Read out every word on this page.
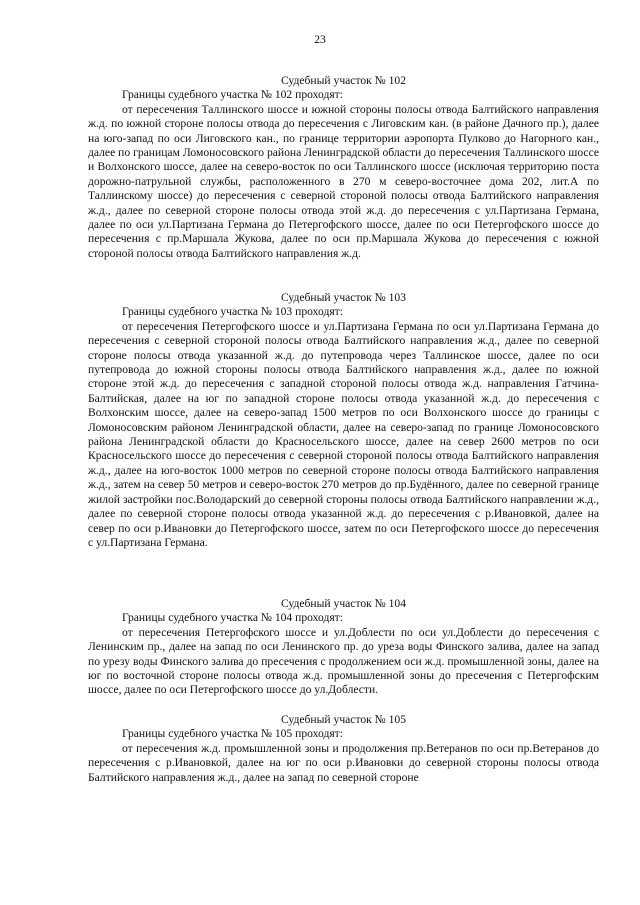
23

Судебный участок № 102

Границы судебного участка № 102 проходят:

от пересечения Таллинского шоссе и южной стороны полосы отвода Балтийского направления ж.д. по южной стороне полосы отвода до пересечения с Лиговским кан. (в районе Дачного пр.), далее на юго-запад по оси Лиговского кан., по границе территории аэропорта Пулково до Нагорного кан., далее по границам Ломоносовского района Ленинградской области до пересечения Таллинского шоссе и Волхонского шоссе, далее на северо-восток по оси Таллинского шоссе (исключая территорию поста дорожно-патрульной службы, расположенного в 270 м северо-восточнее дома 202, лит.А по Таллинскому шоссе) до пересечения с северной стороной полосы отвода Балтийского направления ж.д., далее по северной стороне полосы отвода этой ж.д. до пересечения с ул.Партизана Германа, далее по оси ул.Партизана Германа до Петергофского шоссе, далее по оси Петергофского шоссе до пересечения с пр.Маршала Жукова, далее по оси пр.Маршала Жукова до пересечения с южной стороной полосы отвода Балтийского направления ж.д.

Судебный участок № 103

Границы судебного участка № 103 проходят:

от пересечения Петергофского шоссе и ул.Партизана Германа по оси ул.Партизана Германа до пересечения с северной стороной полосы отвода Балтийского направления ж.д., далее по северной стороне полосы отвода указанной ж.д. до путепровода через Таллинское шоссе, далее по оси путепровода до южной стороны полосы отвода Балтийского направления ж.д., далее по южной стороне этой ж.д. до пересечения с западной стороной полосы отвода ж.д. направления Гатчина-Балтийская, далее на юг по западной стороне полосы отвода указанной ж.д. до пересечения с Волхонским шоссе, далее на северо-запад 1500 метров по оси Волхонского шоссе до границы с Ломоносовским районом Ленинградской области, далее на северо-запад по границе Ломоносовского района Ленинградской области до Красносельского шоссе, далее на север 2600 метров по оси Красносельского шоссе до пересечения с северной стороной полосы отвода Балтийского направления ж.д., далее на юго-восток 1000 метров по северной стороне полосы отвода Балтийского направления ж.д., затем на север 50 метров и северо-восток 270 метров до пр.Будённого, далее по северной границе жилой застройки пос.Володарский до северной стороны полосы отвода Балтийского направлении ж.д., далее по северной стороне полосы отвода указанной ж.д. до пересечения с р.Ивановкой, далее на север по оси р.Ивановки до Петергофского шоссе, затем по оси Петергофского шоссе до пересечения с ул.Партизана Германа.

Судебный участок № 104

Границы судебного участка № 104 проходят:

от пересечения Петергофского шоссе и ул.Доблести по оси ул.Доблести до пересечения с Ленинским пр., далее на запад по оси Ленинского пр. до уреза воды Финского залива, далее на запад по урезу воды Финского залива до пресечения с продолжением оси ж.д. промышленной зоны, далее на юг по восточной стороне полосы отвода ж.д. промышленной зоны до пресечения с Петергофским шоссе, далее по оси Петергофского шоссе до ул.Доблести.

Судебный участок № 105

Границы судебного участка № 105 проходят:

от пересечения ж.д. промышленной зоны и продолжения пр.Ветеранов по оси пр.Ветеранов до пересечения с р.Ивановкой, далее на юг по оси р.Ивановки до северной стороны полосы отвода Балтийского направления ж.д., далее на запад по северной стороне
